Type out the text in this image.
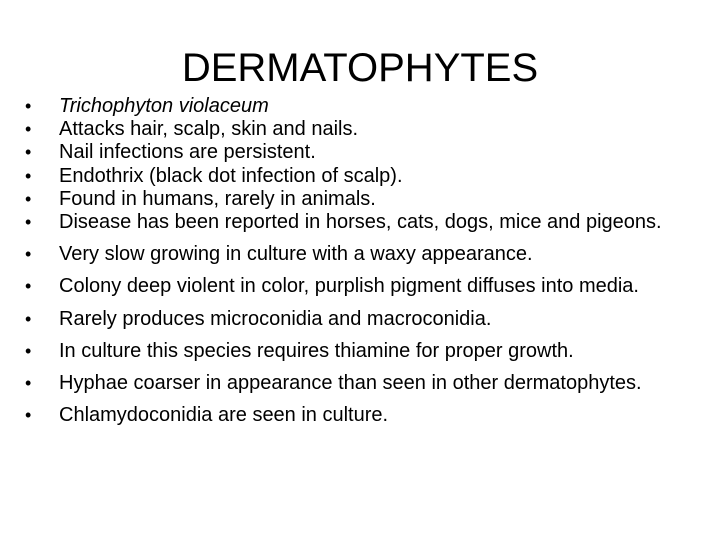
DERMATOPHYTES
•	Trichophyton violaceum
•	Attacks hair, scalp, skin and nails.
•	Nail infections are persistent.
•	Endothrix (black dot infection of scalp).
•	Found in humans, rarely in animals.
•	Disease has been reported in horses, cats, dogs, mice and pigeons.
•	Very slow growing in culture with a waxy appearance.
•	Colony deep violent in color, purplish pigment diffuses into media.
•	Rarely produces microconidia and macroconidia.
•	In culture this species requires thiamine for proper growth.
•	Hyphae coarser in appearance than seen in other dermatophytes.
•	Chlamydoconidia are seen in culture.
